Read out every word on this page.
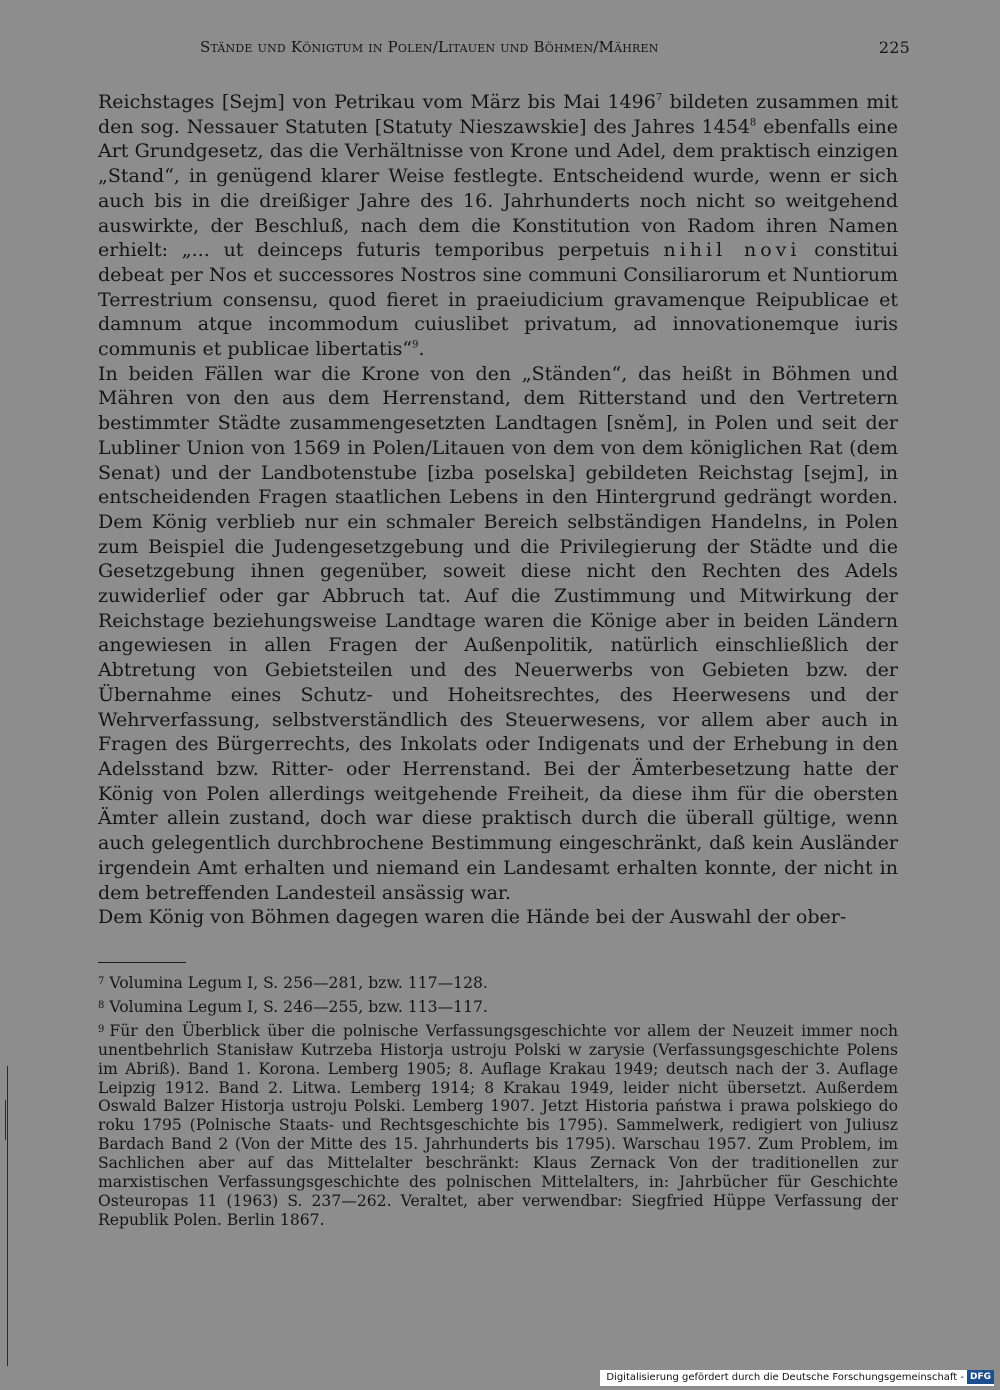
Stände und Königtum in Polen/Litauen und Böhmen/Mähren	225

Reichstages [Sejm] von Petrikau vom März bis Mai 1496$^7$ bildeten zusammen mit den sog. Nessauer Statuten [Statuty Nieszawskie] des Jahres 1454$^8$ ebenfalls eine Art Grundgesetz, das die Verhältnisse von Krone und Adel, dem praktisch einzigen „Stand“, in genügend klarer Weise festlegte. Entscheidend wurde, wenn er sich auch bis in die dreißiger Jahre des 16. Jahrhunderts noch nicht so weitgehend auswirkte, der Beschluß, nach dem die Konstitution von Radom ihren Namen erhielt: „... ut deinceps futuris temporibus perpetuis nihil novi constitui debeat per Nos et successores Nostros sine communi Consiliarorum et Nuntiorum Terrestrium consensu, quod fieret in praeiudicium gravamenque Reipublicae et damnum atque incommodum cuiuslibet privatum, ad innovationemque iuris communis et publicae libertatis“$^9$.

In beiden Fällen war die Krone von den „Ständen“, das heißt in Böhmen und Mähren von den aus dem Herrenstand, dem Ritterstand und den Vertretern bestimmter Städte zusammengesetzten Landtagen [sněm], in Polen und seit der Lubliner Union von 1569 in Polen/Litauen von dem von dem königlichen Rat (dem Senat) und der Landbotenstube [izba poselska] gebildeten Reichstag [sejm], in entscheidenden Fragen staatlichen Lebens in den Hintergrund gedrängt worden. Dem König verblieb nur ein schmaler Bereich selbständigen Handelns, in Polen zum Beispiel die Judengesetzgebung und die Privilegierung der Städte und die Gesetzgebung ihnen gegenüber, soweit diese nicht den Rechten des Adels zuwiderlief oder gar Abbruch tat. Auf die Zustimmung und Mitwirkung der Reichstage beziehungsweise Landtage waren die Könige aber in beiden Ländern angewiesen in allen Fragen der Außenpolitik, natürlich einschließlich der Abtretung von Gebietsteilen und des Neuerwerbs von Gebieten bzw. der Übernahme eines Schutz- und Hoheitsrechtes, des Heerwesens und der Wehrverfassung, selbstverständlich des Steuerwesens, vor allem aber auch in Fragen des Bürgerrechts, des Inkolats oder Indigenats und der Erhebung in den Adelsstand bzw. Ritter- oder Herrenstand. Bei der Ämterbesetzung hatte der König von Polen allerdings weitgehende Freiheit, da diese ihm für die obersten Ämter allein zustand, doch war diese praktisch durch die überall gültige, wenn auch gelegentlich durchbrochene Bestimmung eingeschränkt, daß kein Ausländer irgendein Amt erhalten und niemand ein Landesamt erhalten konnte, der nicht in dem betreffenden Landesteil ansässig war.

Dem König von Böhmen dagegen waren die Hände bei der Auswahl der ober-

$^7$ Volumina Legum I, S. 256—281, bzw. 117—128.

$^8$ Volumina Legum I, S. 246—255, bzw. 113—117.

$^9$ Für den Überblick über die polnische Verfassungsgeschichte vor allem der Neuzeit immer noch unentbehrlich Stanisław Kutrzeba Historja ustroju Polski w zarysie (Verfassungsgeschichte Polens im Abriß). Band 1. Korona. Lemberg 1905; 8. Auflage Krakau 1949; deutsch nach der 3. Auflage Leipzig 1912. Band 2. Litwa. Lemberg 1914; 8 Krakau 1949, leider nicht übersetzt. Außerdem Oswald Balzer Historja ustroju Polski. Lemberg 1907. Jetzt Historia państwa i prawa polskiego do roku 1795 (Polnische Staats- und Rechtsgeschichte bis 1795). Sammelwerk, redigiert von Juliusz Bardach Band 2 (Von der Mitte des 15. Jahrhunderts bis 1795). Warschau 1957. Zum Problem, im Sachlichen aber auf das Mittelalter beschränkt: Klaus Zernack Von der traditionellen zur marxistischen Verfassungsgeschichte des polnischen Mittelalters, in: Jahrbücher für Geschichte Osteuropas 11 (1963) S. 237—262. Veraltet, aber verwendbar: Siegfried Hüppe Verfassung der Republik Polen. Berlin 1867.

Digitalisierung gefördert durch die Deutsche Forschungsgemeinschaft - DFG
